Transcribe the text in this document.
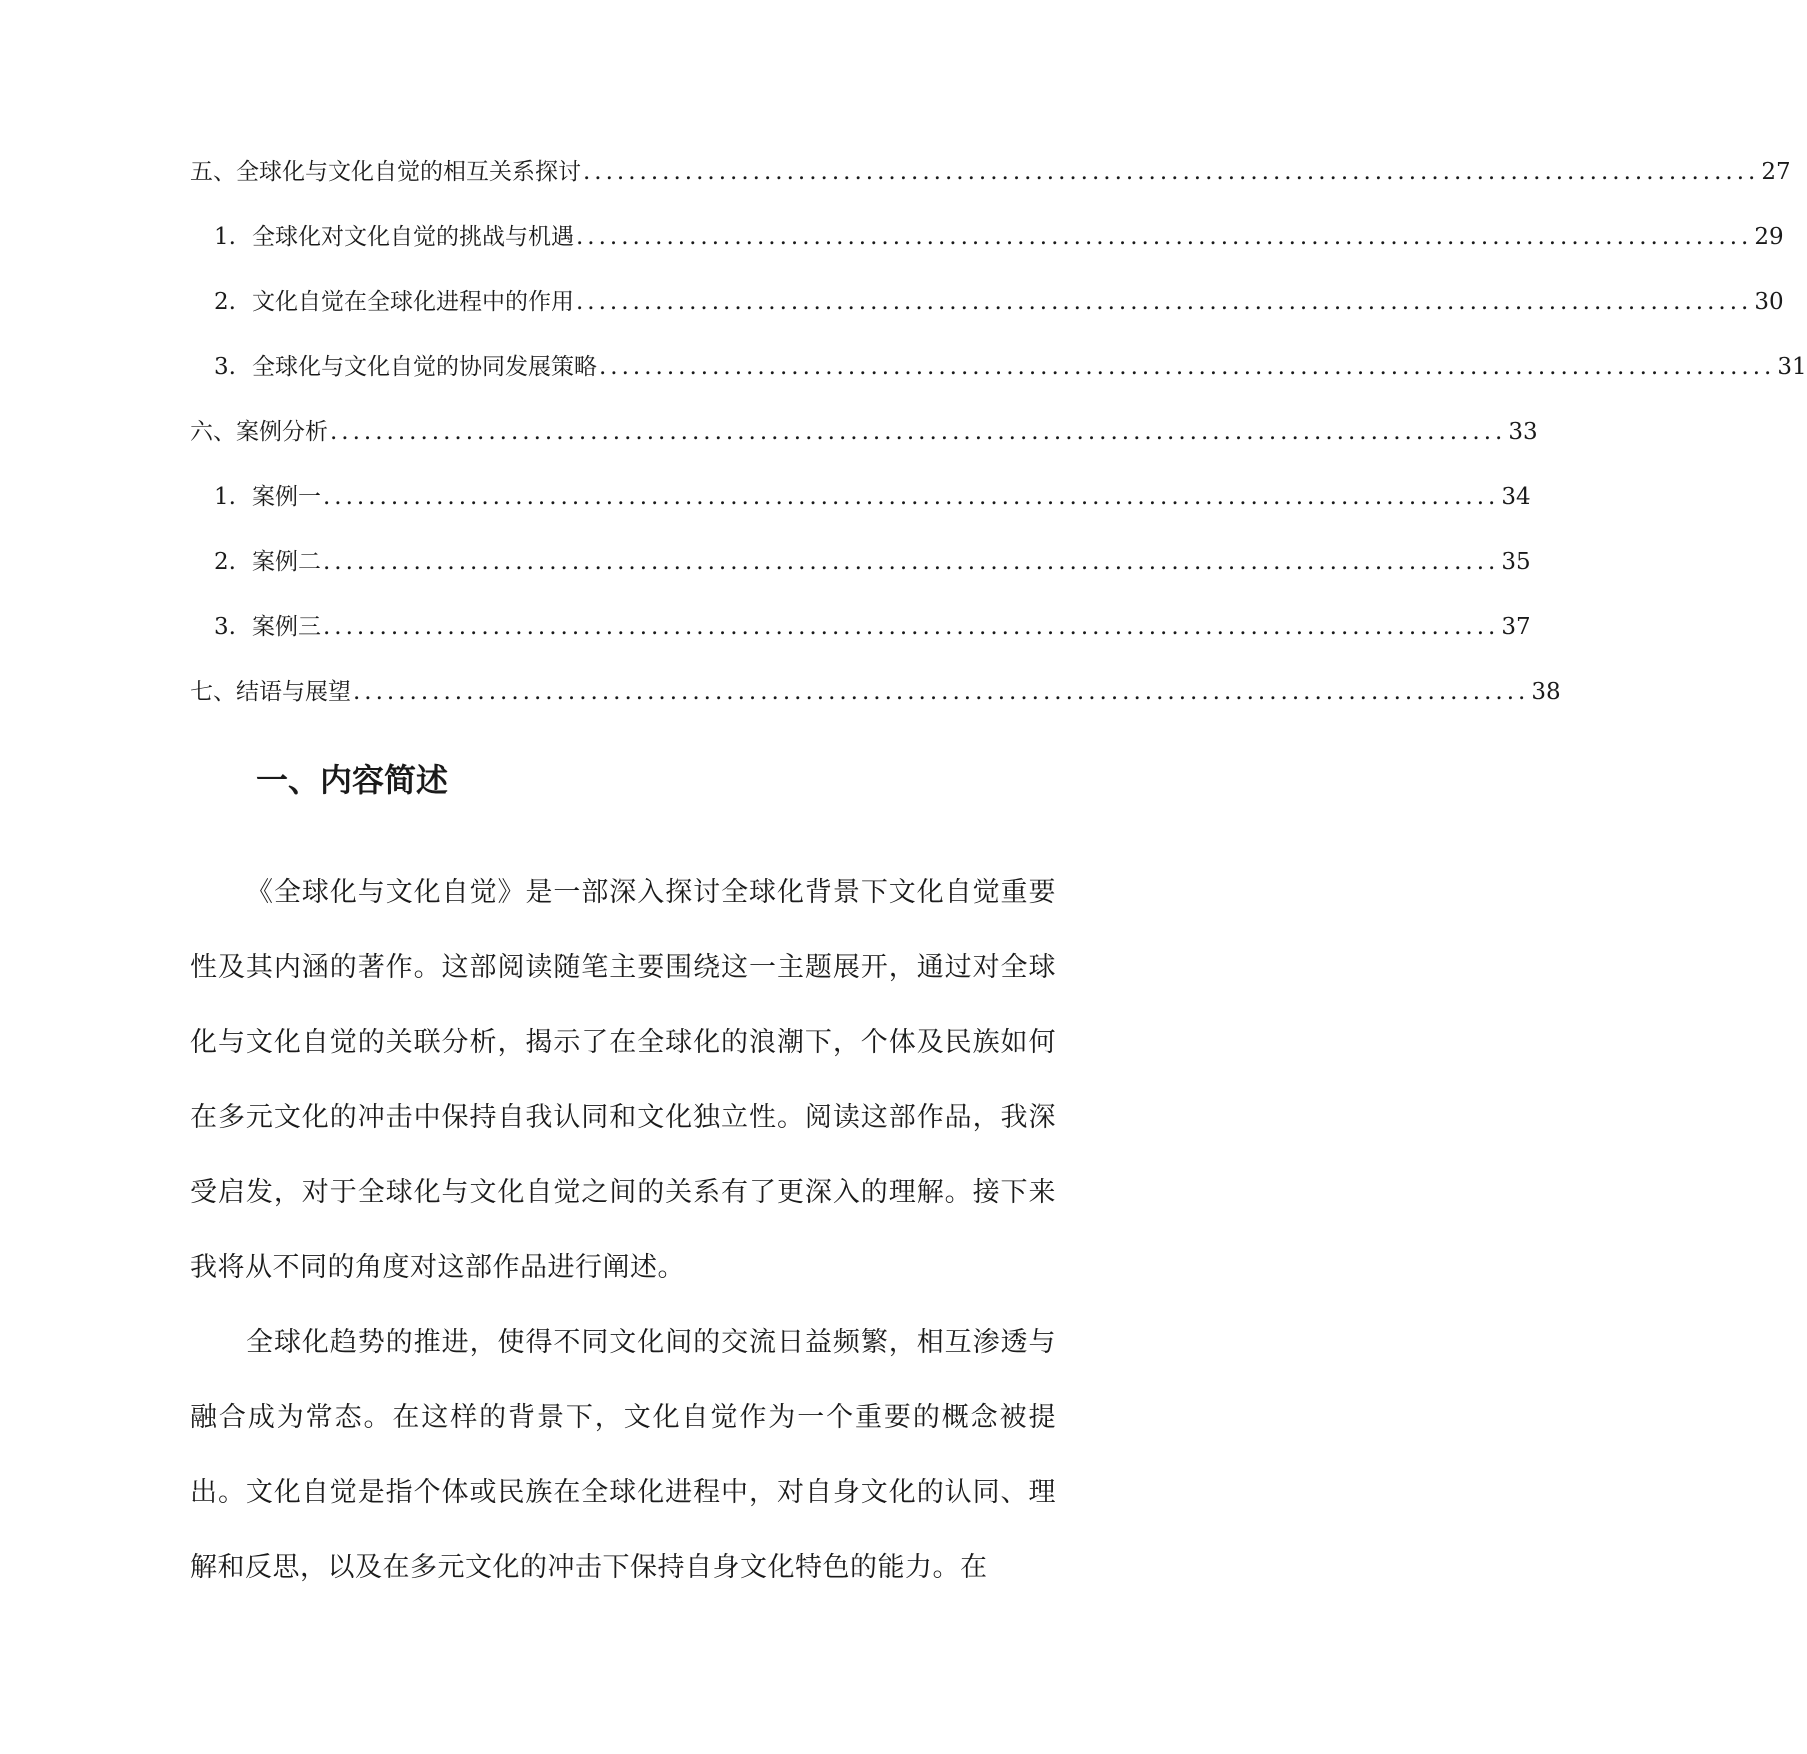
五、全球化与文化自觉的相互关系探讨 ........................................................................................................ 27
1. 全球化对文化自觉的挑战与机遇 ........................................................................................................ 29
2. 文化自觉在全球化进程中的作用 ........................................................................................................ 30
3. 全球化与文化自觉的协同发展策略 ........................................................................................................ 31
六、案例分析 ........................................................................................................ 33
1. 案例一 ........................................................................................................ 34
2. 案例二 ........................................................................................................ 35
3. 案例三 ........................................................................................................ 37
七、结语与展望 ........................................................................................................ 38
一、内容简述

《全球化与文化自觉》是一部深入探讨全球化背景下文化自觉重要性及其内涵的著作。这部阅读随笔主要围绕这一主题展开，通过对全球化与文化自觉的关联分析，揭示了在全球化的浪潮下，个体及民族如何在多元文化的冲击中保持自我认同和文化独立性。阅读这部作品，我深受启发，对于全球化与文化自觉之间的关系有了更深入的理解。接下来我将从不同的角度对这部作品进行阐述。

全球化趋势的推进，使得不同文化间的交流日益频繁，相互渗透与融合成为常态。在这样的背景下，文化自觉作为一个重要的概念被提出。文化自觉是指个体或民族在全球化进程中，对自身文化的认同、理解和反思，以及在多元文化的冲击下保持自身文化特色的能力。在
